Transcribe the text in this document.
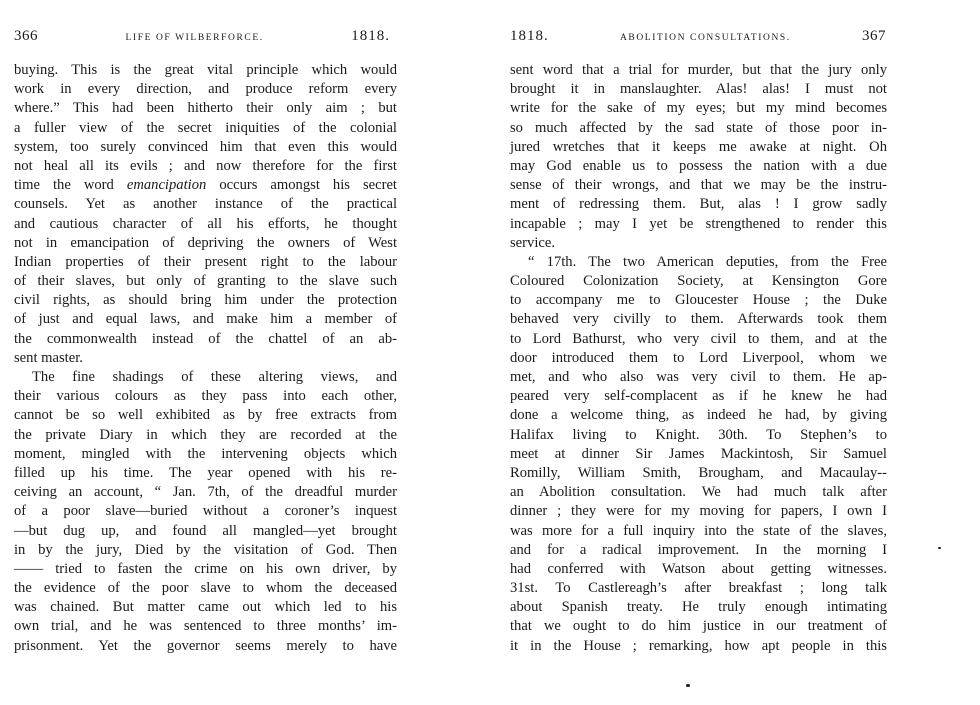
366	LIFE OF WILBERFORCE.	1818.
buying. This is the great vital principle which would
work in every direction, and produce reform every
where.” This had been hitherto their only aim ; but
a fuller view of the secret iniquities of the colonial
system, too surely convinced him that even this would
not heal all its evils ; and now therefore for the first
time the word emancipation occurs amongst his secret
counsels. Yet as another instance of the practical
and cautious character of all his efforts, he thought
not in emancipation of depriving the owners of West
Indian properties of their present right to the labour
of their slaves, but only of granting to the slave such
civil rights, as should bring him under the protection
of just and equal laws, and make him a member of
the commonwealth instead of the chattel of an ab-
sent master.
The fine shadings of these altering views, and
their various colours as they pass into each other,
cannot be so well exhibited as by free extracts from
the private Diary in which they are recorded at the
moment, mingled with the intervening objects which
filled up his time. The year opened with his re-
ceiving an account, “ Jan. 7th, of the dreadful murder
of a poor slave—buried without a coroner’s inquest
—but dug up, and found all mangled—yet brought
in by the jury, Died by the visitation of God. Then
—— tried to fasten the crime on his own driver, by
the evidence of the poor slave to whom the deceased
was chained. But matter came out which led to his
own trial, and he was sentenced to three months’ im-
prisonment. Yet the governor seems merely to have
1818.	ABOLITION CONSULTATIONS.	367
sent word that a trial for murder, but that the jury only
brought it in manslaughter. Alas! alas! I must not
write for the sake of my eyes; but my mind becomes
so much affected by the sad state of those poor in-
jured wretches that it keeps me awake at night. Oh
may God enable us to possess the nation with a due
sense of their wrongs, and that we may be the instru-
ment of redressing them. But, alas ! I grow sadly
incapable ; may I yet be strengthened to render this
service.
“ 17th. The two American deputies, from the Free
Coloured Colonization Society, at Kensington Gore
to accompany me to Gloucester House ; the Duke
behaved very civilly to them. Afterwards took them
to Lord Bathurst, who very civil to them, and at the
door introduced them to Lord Liverpool, whom we
met, and who also was very civil to them. He ap-
peared very self-complacent as if he knew he had
done a welcome thing, as indeed he had, by giving
Halifax living to Knight. 30th. To Stephen’s to
meet at dinner Sir James Mackintosh, Sir Samuel
Romilly, William Smith, Brougham, and Macaulay--
an Abolition consultation. We had much talk after
dinner ; they were for my moving for papers, I own I
was more for a full inquiry into the state of the slaves,
and for a radical improvement. In the morning I
had conferred with Watson about getting witnesses.
31st. To Castlereagh’s after breakfast ; long talk
about Spanish treaty. He truly enough intimating
that we ought to do him justice in our treatment of
it in the House ; remarking, how apt people in this
